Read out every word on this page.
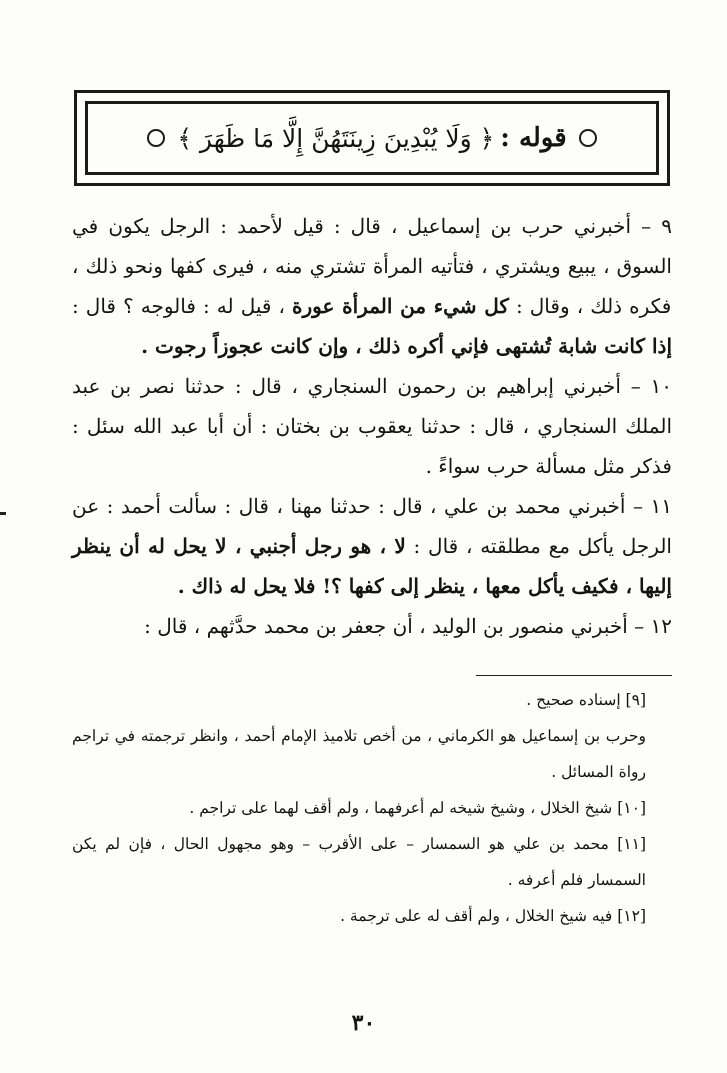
قوله :
﴿ وَلَا يُبْدِينَ زِينَتَهُنَّ إِلَّا مَا ظَهَرَ ﴾

٩ – أخبرني حرب بن إسماعيل ، قال : قيل لأحمد : الرجل يكون في السوق ، يبيع ويشتري ، فتأتيه المرأة تشتري منه ، فيرى كفها ونحو ذلك ، فكره ذلك ، وقال : كل شيء من المرأة عورة ، قيل له : فالوجه ؟ قال : إذا كانت شابة تُشتهى فإني أكره ذلك ، وإن كانت عجوزاً رجوت .

١٠ – أخبرني إبراهيم بن رحمون السنجاري ، قال : حدثنا نصر بن عبد الملك السنجاري ، قال : حدثنا يعقوب بن بختان : أن أبا عبد الله سئل : فذكر مثل مسألة حرب سواءً .

١١ – أخبرني محمد بن علي ، قال : حدثنا مهنا ، قال : سألت أحمد : عن الرجل يأكل مع مطلقته ، قال : لا ، هو رجل أجنبي ، لا يحل له أن ينظر إليها ، فكيف يأكل معها ، ينظر إلى كفها ؟! فلا يحل له ذاك .

١٢ – أخبرني منصور بن الوليد ، أن جعفر بن محمد حدَّثهم ، قال :

[٩] إسناده صحيح .

وحرب بن إسماعيل هو الكرماني ، من أخص تلاميذ الإمام أحمد ، وانظر ترجمته في تراجم رواة المسائل .

[١٠] شيخ الخلال ، وشيخ شيخه لم أعرفهما ، ولم أقف لهما على تراجم .

[١١] محمد بن علي هو السمسار – على الأقرب – وهو مجهول الحال ، فإن لم يكن السمسار فلم أعرفه .

[١٢] فيه شيخ الخلال ، ولم أقف له على ترجمة .

٣٠
